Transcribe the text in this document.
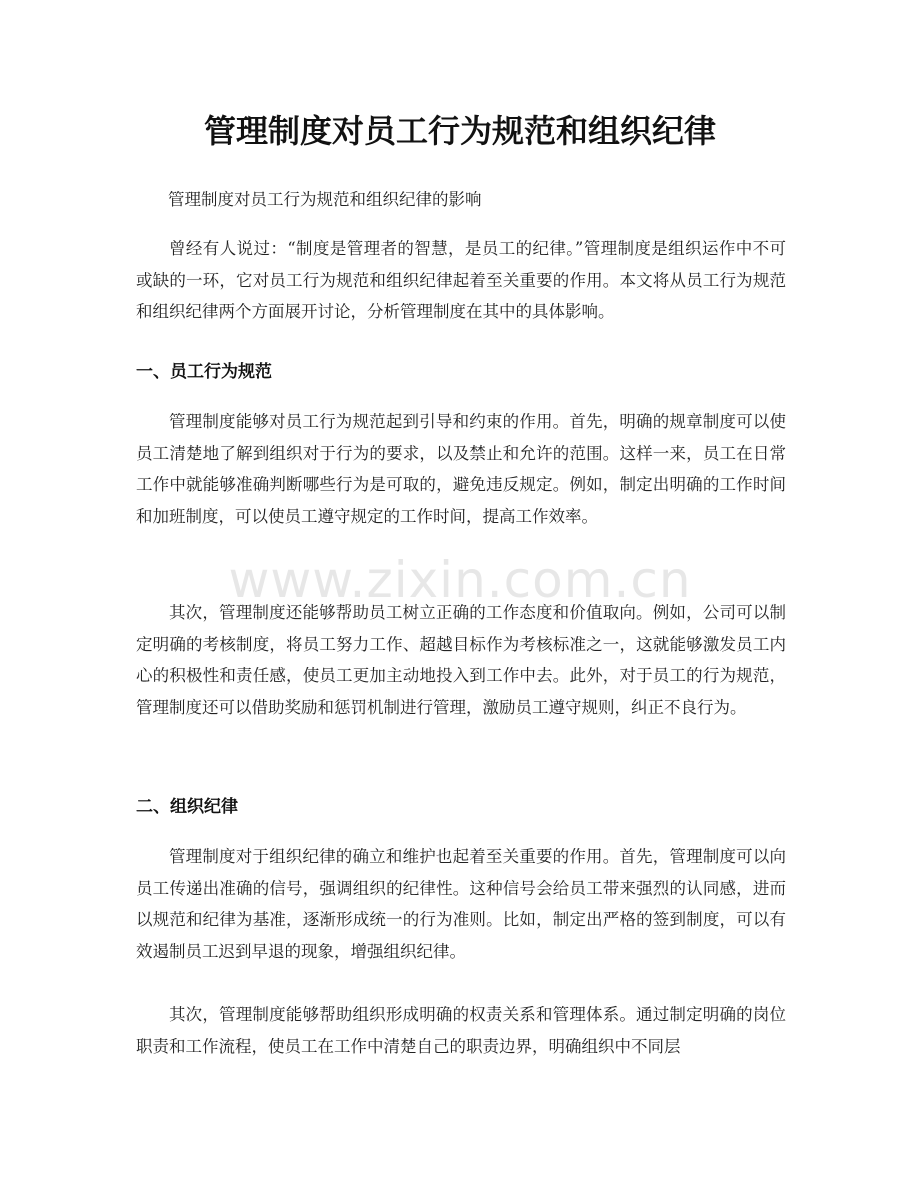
管理制度对员工行为规范和组织纪律
管理制度对员工行为规范和组织纪律的影响

曾经有人说过：“制度是管理者的智慧，是员工的纪律。”管理制度是组织运作中不可或缺的一环，它对员工行为规范和组织纪律起着至关重要的作用。本文将从员工行为规范和组织纪律两个方面展开讨论，分析管理制度在其中的具体影响。

一、员工行为规范

管理制度能够对员工行为规范起到引导和约束的作用。首先，明确的规章制度可以使员工清楚地了解到组织对于行为的要求，以及禁止和允许的范围。这样一来，员工在日常工作中就能够准确判断哪些行为是可取的，避免违反规定。例如，制定出明确的工作时间和加班制度，可以使员工遵守规定的工作时间，提高工作效率。

其次，管理制度还能够帮助员工树立正确的工作态度和价值取向。例如，公司可以制定明确的考核制度，将员工努力工作、超越目标作为考核标准之一，这就能够激发员工内心的积极性和责任感，使员工更加主动地投入到工作中去。此外，对于员工的行为规范，管理制度还可以借助奖励和惩罚机制进行管理，激励员工遵守规则，纠正不良行为。

二、组织纪律

管理制度对于组织纪律的确立和维护也起着至关重要的作用。首先，管理制度可以向员工传递出准确的信号，强调组织的纪律性。这种信号会给员工带来强烈的认同感，进而以规范和纪律为基准，逐渐形成统一的行为准则。比如，制定出严格的签到制度，可以有效遏制员工迟到早退的现象，增强组织纪律。

其次，管理制度能够帮助组织形成明确的权责关系和管理体系。通过制定明确的岗位职责和工作流程，使员工在工作中清楚自己的职责边界，明确组织中不同层

www.zixin.com.cn
